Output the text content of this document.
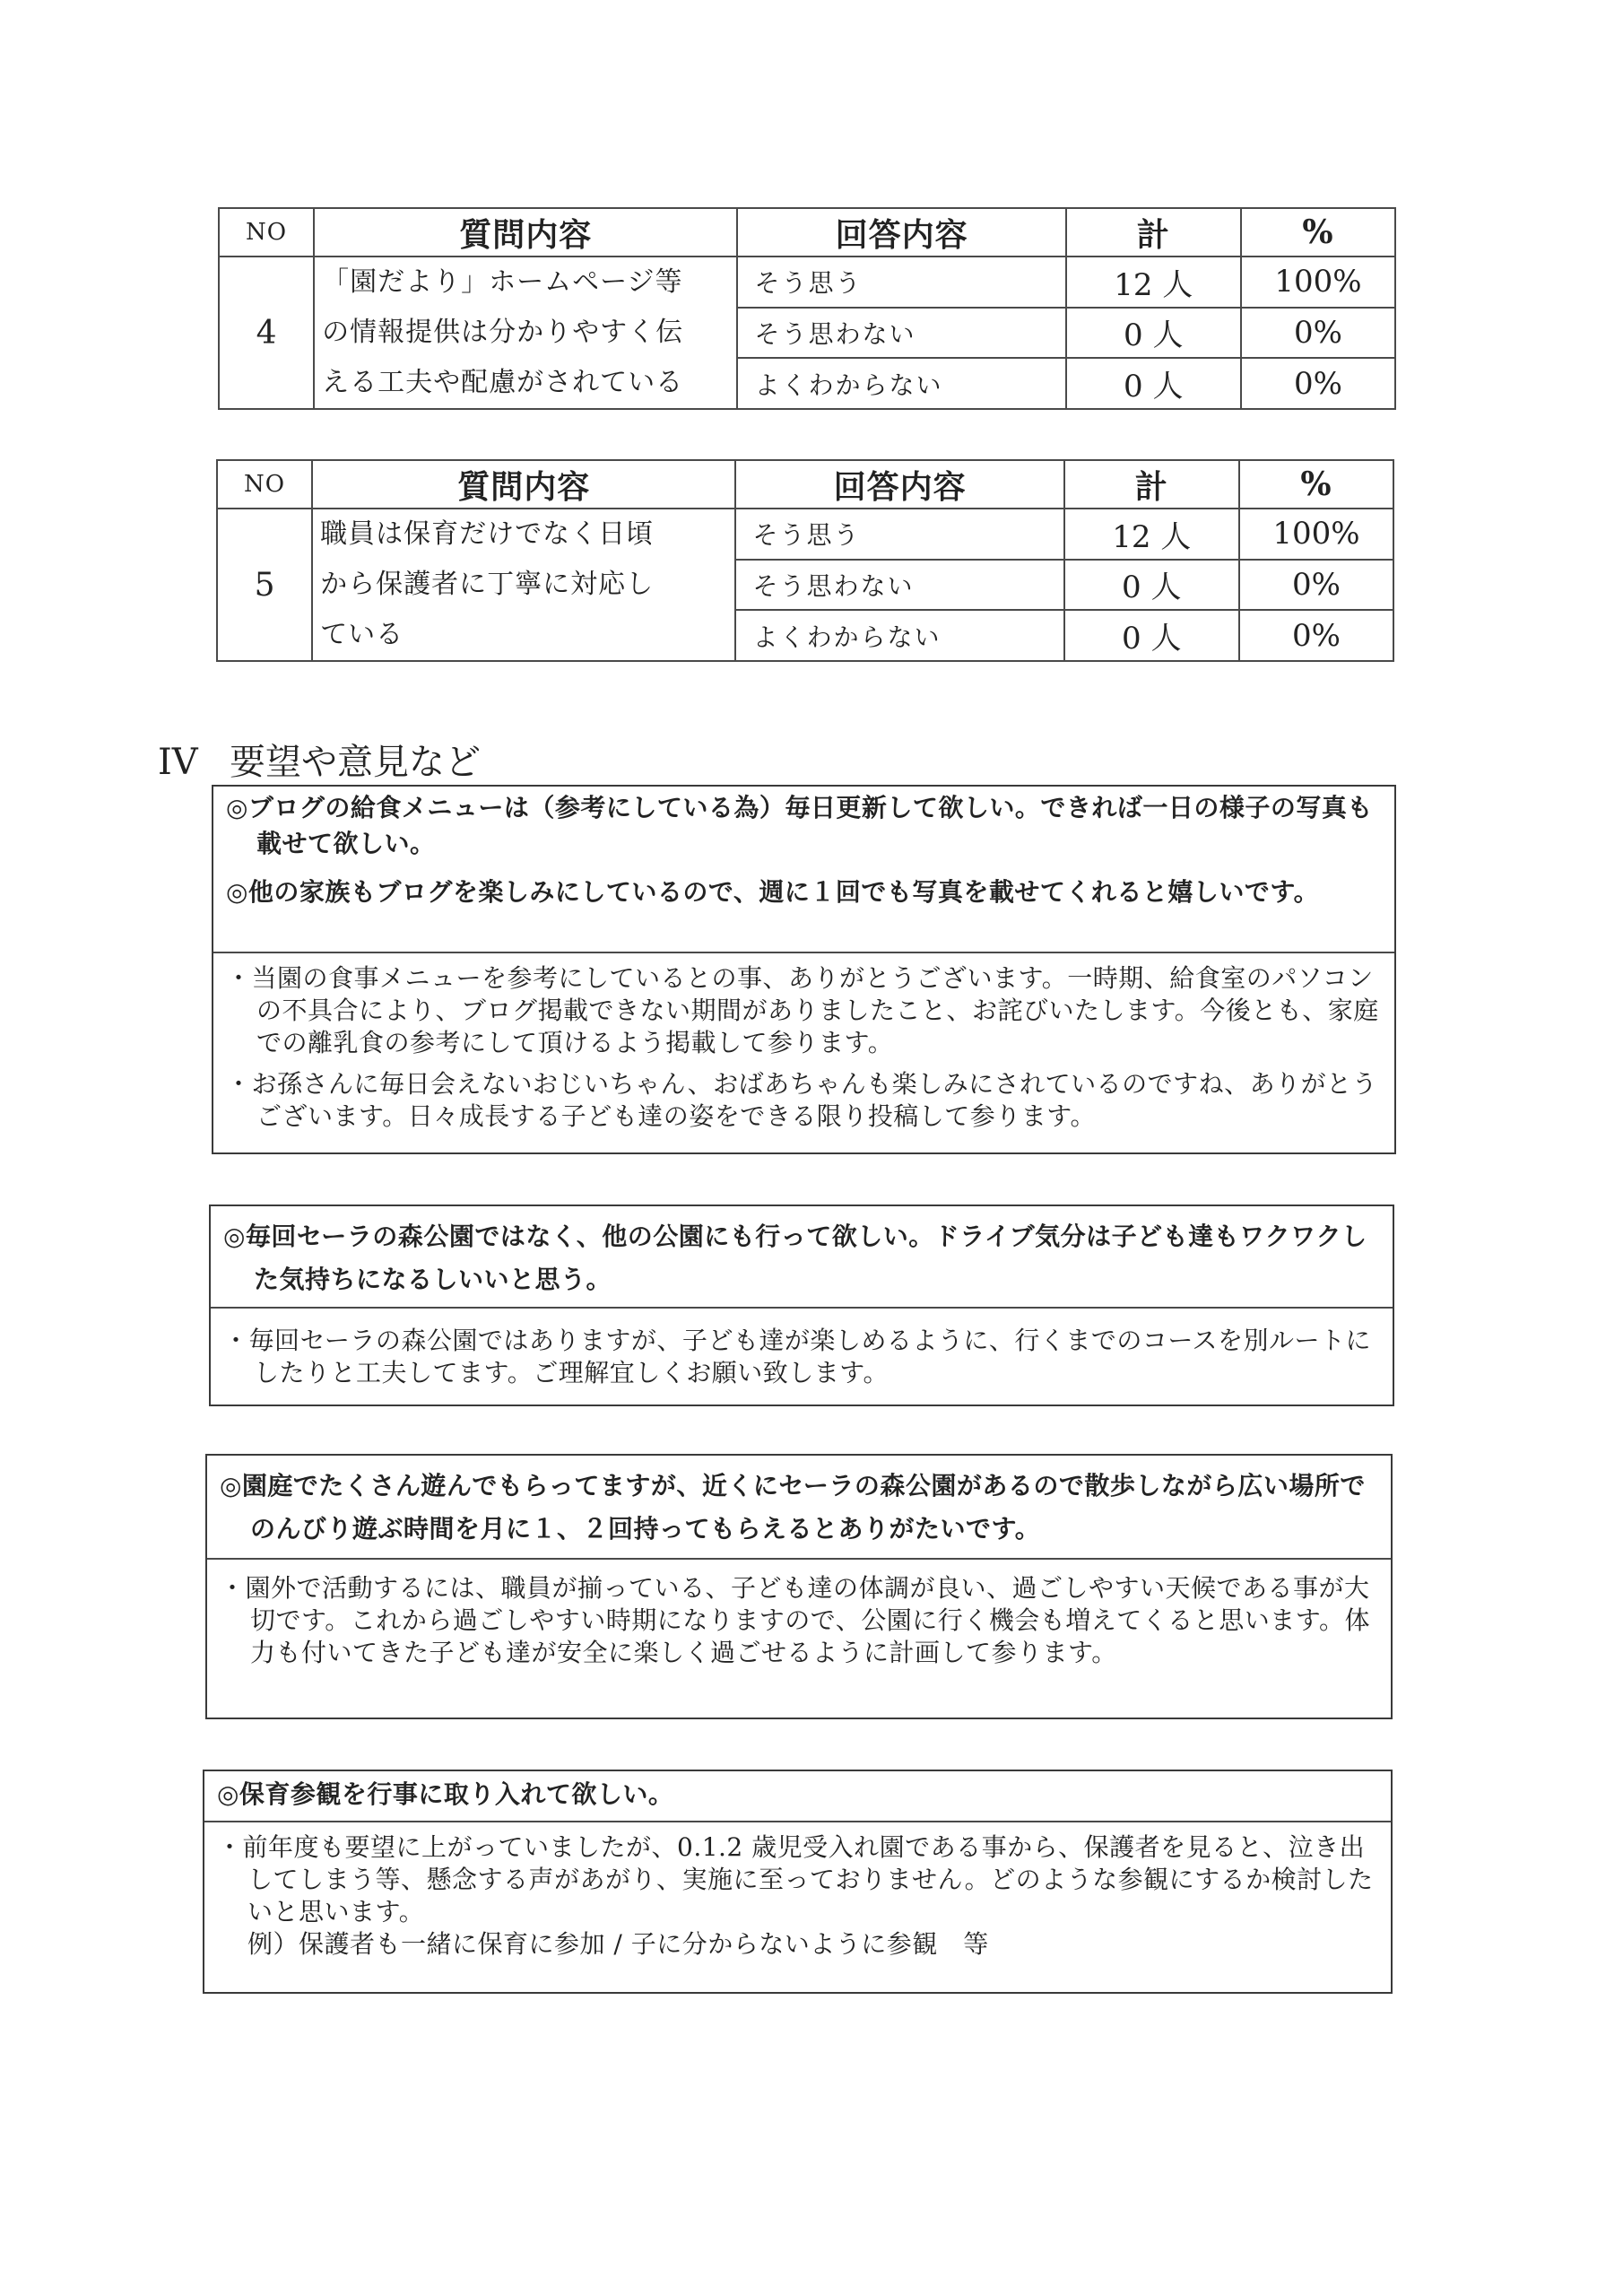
NO	質問内容	回答内容	計	%
4	「園だより」ホームページ等
の情報提供は分かりやすく伝
える工夫や配慮がされている	そう思う	12 人	100%
		そう思わない	0 人	0%
		よくわからない	0 人	0%
NO	質問内容	回答内容	計	%
5	職員は保育だけでなく日頃
から保護者に丁寧に対応し
ている	そう思う	12 人	100%
		そう思わない	0 人	0%
		よくわからない	0 人	0%
IV 要望や意見など

◎ブログの給食メニューは（参考にしている為）毎日更新して欲しい。できれば一日の様子の写真も載せて欲しい。

◎他の家族もブログを楽しみにしているので、週に１回でも写真を載せてくれると嬉しいです。

・当園の食事メニューを参考にしているとの事、ありがとうございます。一時期、給食室のパソコンの不具合により、ブログ掲載できない期間がありましたこと、お詫びいたします。今後とも、家庭での離乳食の参考にして頂けるよう掲載して参ります。

・お孫さんに毎日会えないおじいちゃん、おばあちゃんも楽しみにされているのですね、ありがとうございます。日々成長する子ども達の姿をできる限り投稿して参ります。

◎毎回セーラの森公園ではなく、他の公園にも行って欲しい。ドライブ気分は子ども達もワクワクした気持ちになるしいいと思う。

・毎回セーラの森公園ではありますが、子ども達が楽しめるように、行くまでのコースを別ルートにしたりと工夫してます。ご理解宜しくお願い致します。

◎園庭でたくさん遊んでもらってますが、近くにセーラの森公園があるので散歩しながら広い場所でのんびり遊ぶ時間を月に１、２回持ってもらえるとありがたいです。

・園外で活動するには、職員が揃っている、子ども達の体調が良い、過ごしやすい天候である事が大切です。これから過ごしやすい時期になりますので、公園に行く機会も増えてくると思います。体力も付いてきた子ども達が安全に楽しく過ごせるように計画して参ります。

◎保育参観を行事に取り入れて欲しい。

・前年度も要望に上がっていましたが、0.1.2 歳児受入れ園である事から、保護者を見ると、泣き出してしまう等、懸念する声があがり、実施に至っておりません。どのような参観にするか検討したいと思います。

例）保護者も一緒に保育に参加 / 子に分からないように参観　等
